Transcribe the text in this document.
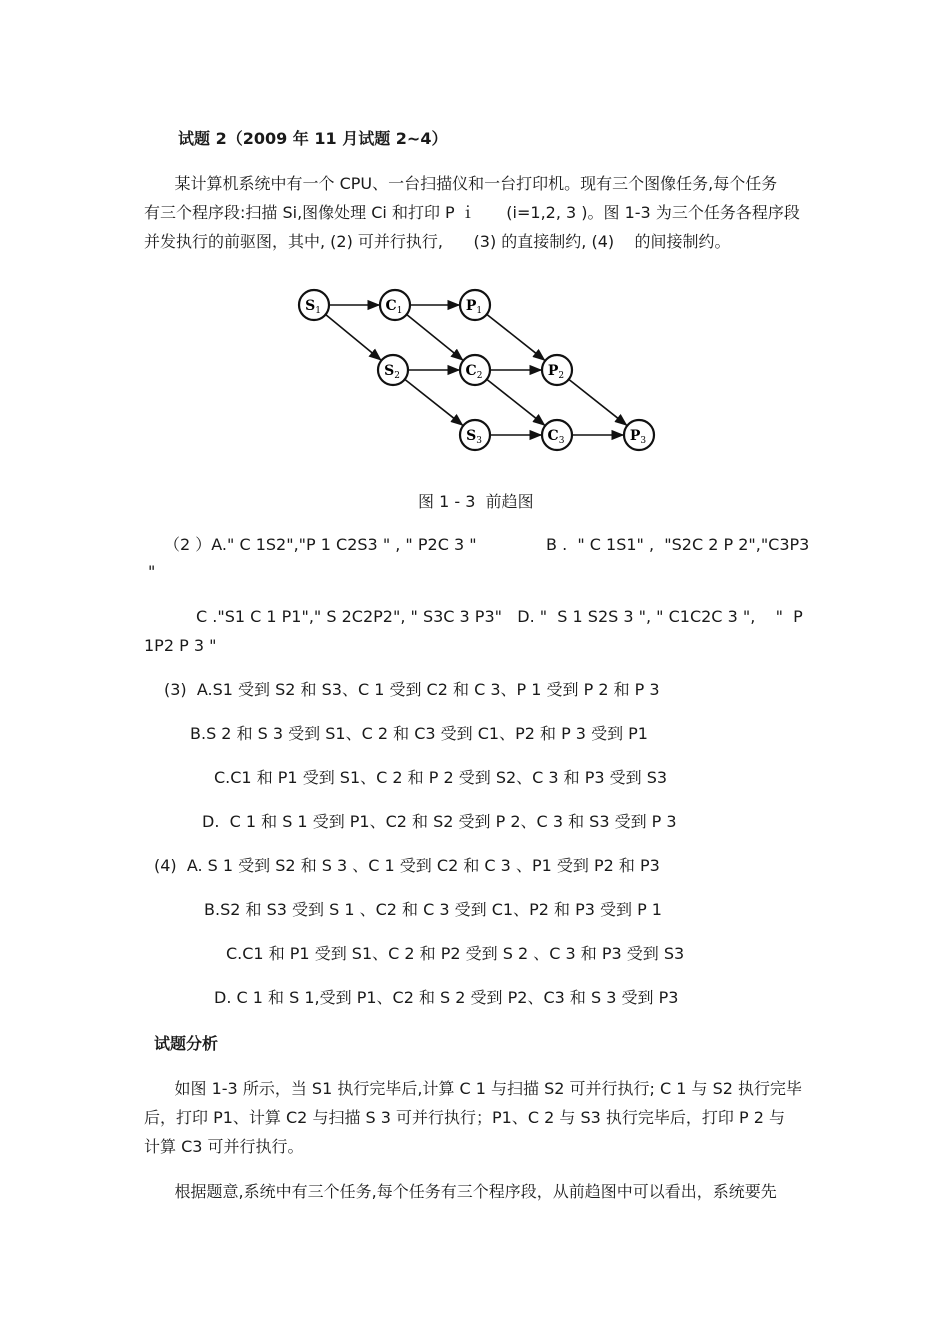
试题 2（2009 年 11 月试题 2~4）

某计算机系统中有一个 CPU、一台扫描仪和一台打印机。现有三个图像任务,每个任务

有三个程序段:扫描 Si,图像处理 Ci 和打印 P ｉ      (i=1,2, 3 )。图 1-3 为三个任务各程序段

并发执行的前驱图，其中, (2) 可并行执行,      (3) 的直接制约, (4)    的间接制约。

$S_1$	$C_1$	$P_1$
$S_2$	$C_2$	$P_2$
$S_3$	$C_3$	$P_3$
图 1 - 3  前趋图
（2 ）A." C 1S2","P 1 C2S3 " , " P2C 3 "	B .  " C 1S1" ,  "S2C 2 P 2","C3P3
"
C ."S1 C 1 P1"," S 2C2P2", " S3C 3 P3"   D. "  S 1 S2S 3 ", " C1C2C 3 ",    "  P
1P2 P 3 "
(3)  A.S1 受到 S2 和 S3、C 1 受到 C2 和 C 3、P 1 受到 P 2 和 P 3
B.S 2 和 S 3 受到 S1、C 2 和 C3 受到 C1、P2 和 P 3 受到 P1
C.C1 和 P1 受到 S1、C 2 和 P 2 受到 S2、C 3 和 P3 受到 S3
D.  C 1 和 S 1 受到 P1、C2 和 S2 受到 P 2、C 3 和 S3 受到 P 3
(4)  A. S 1 受到 S2 和 S 3 、C 1 受到 C2 和 C 3 、P1 受到 P2 和 P3
B.S2 和 S3 受到 S 1 、C2 和 C 3 受到 C1、P2 和 P3 受到 P 1
C.C1 和 P1 受到 S1、C 2 和 P2 受到 S 2 、C 3 和 P3 受到 S3
D. C 1 和 S 1,受到 P1、C2 和 S 2 受到 P2、C3 和 S 3 受到 P3
试题分析

如图 1-3 所示，当 S1 执行完毕后,计算 C 1 与扫描 S2 可并行执行; C 1 与 S2 执行完毕

后，打印 P1、计算 C2 与扫描 S 3 可并行执行；P1、C 2 与 S3 执行完毕后，打印 P 2 与

计算 C3 可并行执行。

根据题意,系统中有三个任务,每个任务有三个程序段，从前趋图中可以看出，系统要先
